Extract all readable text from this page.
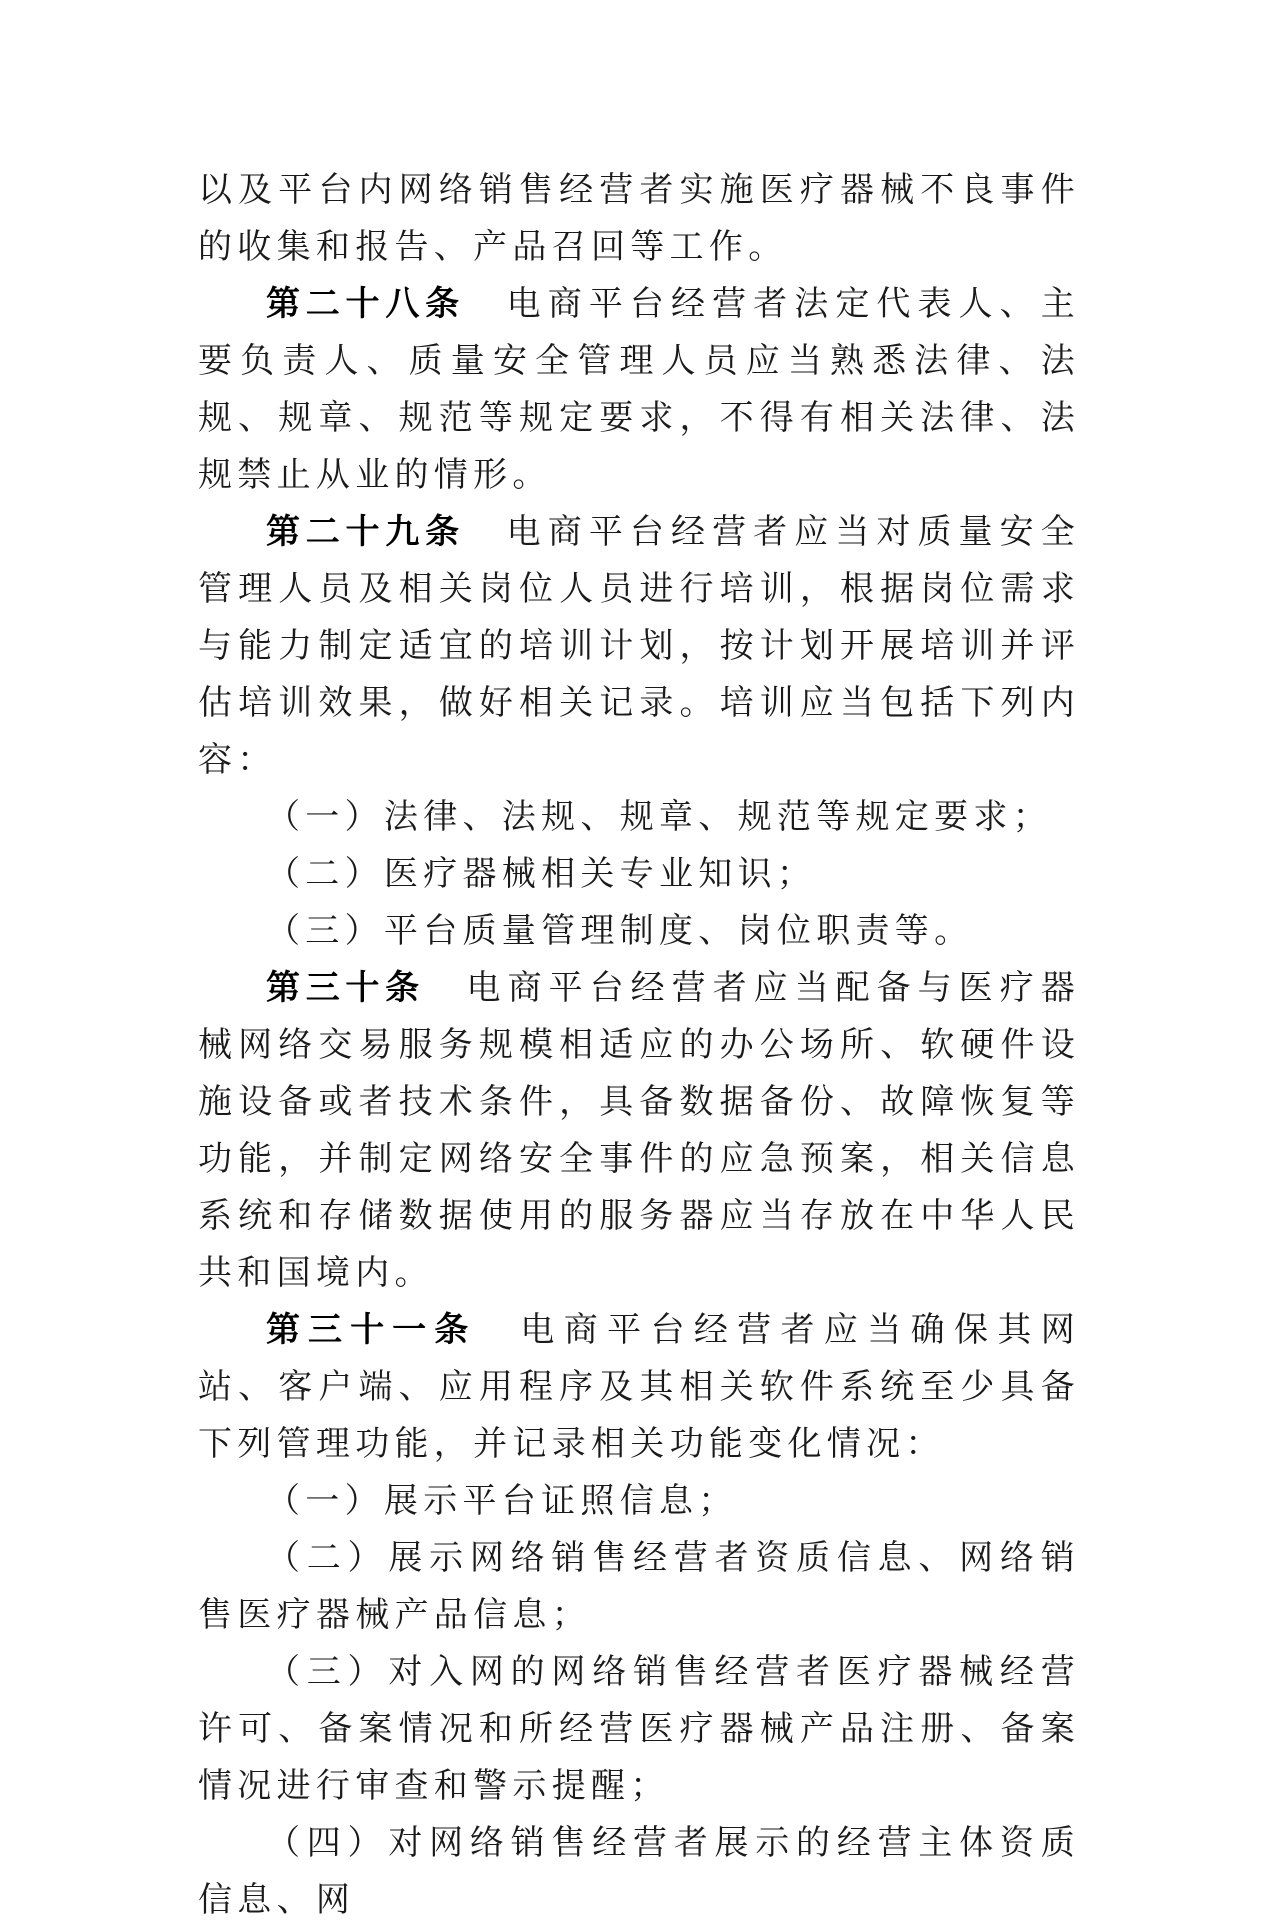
以及平台内网络销售经营者实施医疗器械不良事件的收集和报告、产品召回等工作。

第二十八条 电商平台经营者法定代表人、主要负责人、质量安全管理人员应当熟悉法律、法规、规章、规范等规定要求，不得有相关法律、法规禁止从业的情形。

第二十九条 电商平台经营者应当对质量安全管理人员及相关岗位人员进行培训，根据岗位需求与能力制定适宜的培训计划，按计划开展培训并评估培训效果，做好相关记录。培训应当包括下列内容：

（一）法律、法规、规章、规范等规定要求；

（二）医疗器械相关专业知识；

（三）平台质量管理制度、岗位职责等。

第三十条 电商平台经营者应当配备与医疗器械网络交易服务规模相适应的办公场所、软硬件设施设备或者技术条件，具备数据备份、故障恢复等功能，并制定网络安全事件的应急预案，相关信息系统和存储数据使用的服务器应当存放在中华人民共和国境内。

第三十一条 电商平台经营者应当确保其网站、客户端、应用程序及其相关软件系统至少具备下列管理功能，并记录相关功能变化情况：

（一）展示平台证照信息；

（二）展示网络销售经营者资质信息、网络销售医疗器械产品信息；

（三）对入网的网络销售经营者医疗器械经营许可、备案情况和所经营医疗器械产品注册、备案情况进行审查和警示提醒；

（四）对网络销售经营者展示的经营主体资质信息、网
